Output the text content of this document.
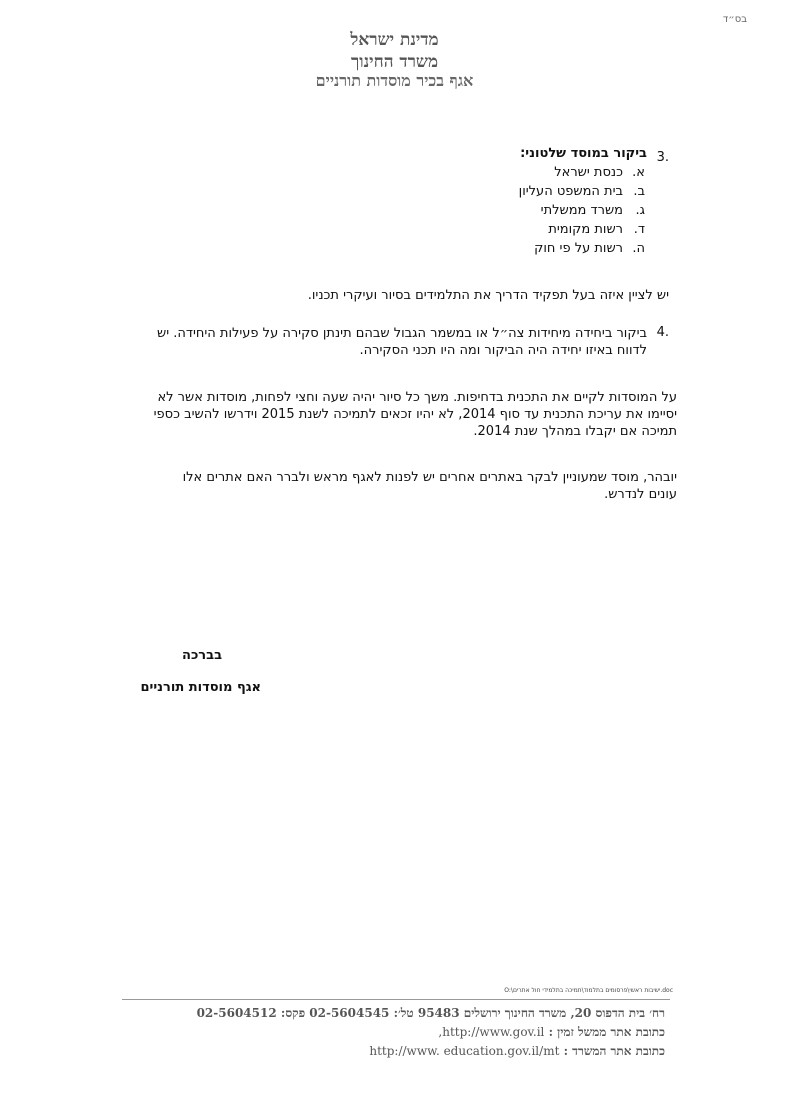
בס״ד
מדינת ישראל
משרד החינוך
אגף בכיר מוסדות תורניים
3.
ביקור במוסד שלטוני:
א.כנסת ישראל
ב.בית המשפט העליון
ג.משרד ממשלתי
ד.רשות מקומית
ה.רשות על פי חוק
יש לציין איזה בעל תפקיד הדריך את התלמידים בסיור ועיקרי תכניו.
4.
ביקור ביחידה מיחידות צה״ל או במשמר הגבול שבהם תינתן סקירה על פעילות היחידה. יש
לדווח באיזו יחידה היה הביקור ומה היו תכני הסקירה.
על המוסדות לקיים את התכנית בדחיפות. משך כל סיור יהיה שעה וחצי לפחות, מוסדות אשר לא
יסיימו את עריכת התכנית עד סוף 2014, לא יהיו זכאים לתמיכה לשנת 2015 וידרשו להשיב כספי
תמיכה אם יקבלו במהלך שנת 2014.
יובהר, מוסד שמעוניין לבקר באתרים אחרים יש לפנות לאגף מראש ולברר האם אתרים אלו
עונים לנדרש.
בברכה
אגף מוסדות תורניים
O:\ישיבות ראשי\פרסומים בתלמוד\תמיכה בתלמידי חול אתרים.doc
רח׳ בית הדפוס 20, משרד החינוך ירושלים 95483 טל׳: 02-5604545 פקס: 02-5604512
כתובת אתר ממשל זמין : http://www.gov.il,
כתובת אתר המשרד : http://www. education.gov.il/mt
